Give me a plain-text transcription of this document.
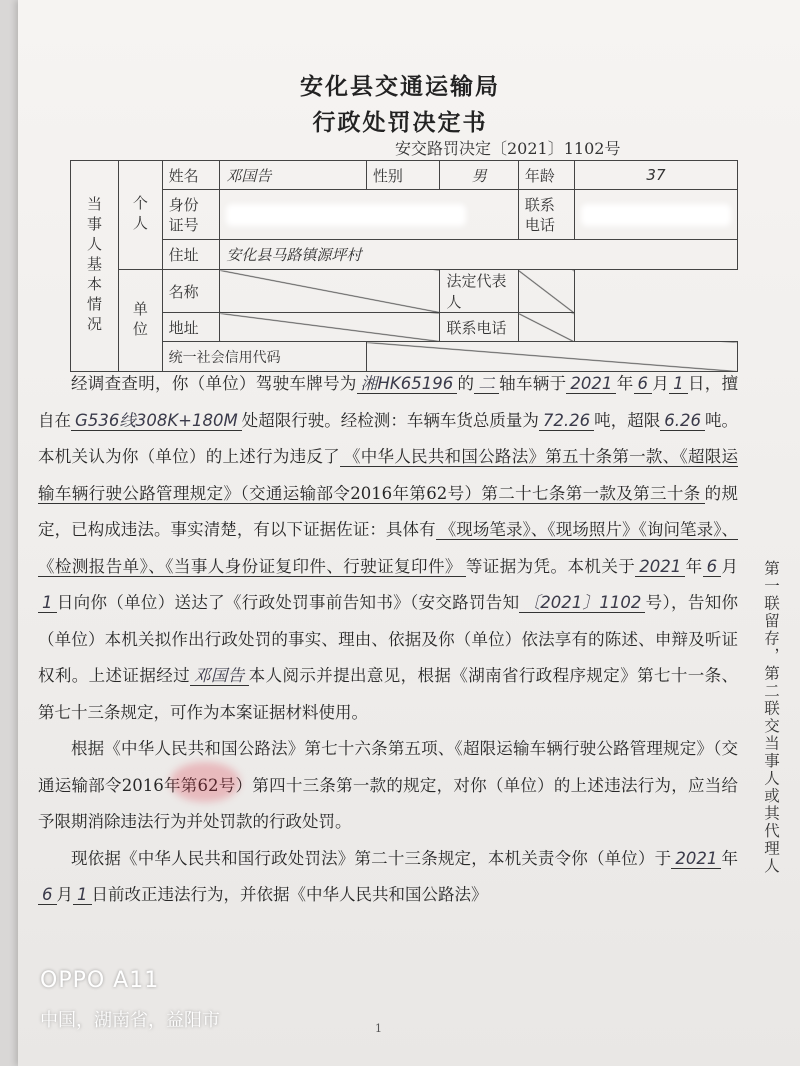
安化县交通运输局
行政处罚决定书
安交路罚决定〔2021〕1102号
当事人基本情况	个人	姓名	邓国告	性别	男	年龄	37
		身份证号				联系电话	
		住址	安化县马路镇源坪村				
	单位	名称			法定代表人		
		地址			联系电话		
		统一社会信用代码					

经调查查明，你（单位）驾驶车牌号为 湘HK65196 的 二 轴车辆于 2021 年 6 月 1 日，擅自在 G536线308K+180M 处超限行驶。经检测：车辆车货总质量为 72.26 吨，超限 6.26 吨。本机关认为你（单位）的上述行为违反了 《中华人民共和国公路法》第五十条第一款、《超限运输车辆行驶公路管理规定》（交通运输部令2016年第62号）第二十七条第一款及第三十条 的规定，已构成违法。事实清楚，有以下证据佐证：具体有 《现场笔录》、《现场照片》《询问笔录》、《检测报告单》、《当事人身份证复印件、行驶证复印件》 等证据为凭。本机关于 2021 年 6 月1 日向你（单位）送达了《行政处罚事前告知书》（安交路罚告知 〔2021〕1102 号），告知你（单位）本机关拟作出行政处罚的事实、理由、依据及你（单位）依法享有的陈述、申辩及听证权利。上述证据经过 邓国告 本人阅示并提出意见，根据《湖南省行政程序规定》第七十一条、第七十三条规定，可作为本案证据材料使用。

根据《中华人民共和国公路法》第七十六条第五项、《超限运输车辆行驶公路管理规定》（交通运输部令2016年第62号）第四十三条第一款的规定，对你（单位）的上述违法行为，应当给予限期消除违法行为并处罚款的行政处罚。

现依据《中华人民共和国行政处罚法》第二十三条规定，本机关责令你（单位）于 2021 年6 月 1 日前改正违法行为，并依据《中华人民共和国公路法》

第一联留存，第二联交当事人或其代理人
OPPO A11
中国，湖南省，益阳市	1
